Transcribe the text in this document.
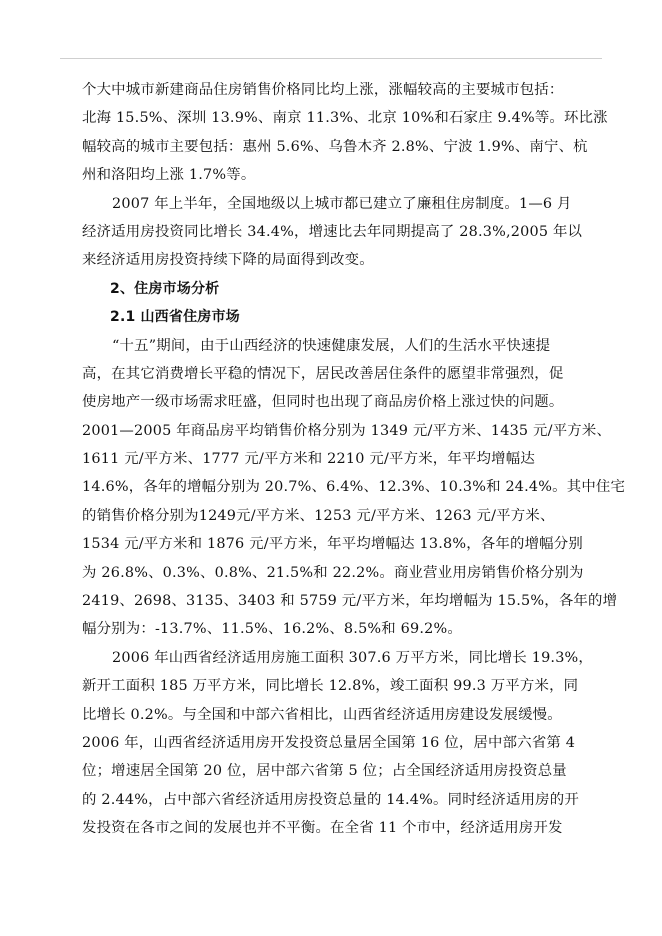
个大中城市新建商品住房销售价格同比均上涨，涨幅较高的主要城市包括：
北海 15.5%、深圳 13.9%、南京 11.3%、北京 10%和石家庄 9.4%等。环比涨
幅较高的城市主要包括：惠州 5.6%、乌鲁木齐 2.8%、宁波 1.9%、南宁、杭
州和洛阳均上涨 1.7%等。
2007 年上半年，全国地级以上城市都已建立了廉租住房制度。1—6 月
经济适用房投资同比增长 34.4%，增速比去年同期提高了 28.3%,2005 年以
来经济适用房投资持续下降的局面得到改变。
2、住房市场分析
2.1 山西省住房市场
“十五”期间，由于山西经济的快速健康发展，人们的生活水平快速提
高，在其它消费增长平稳的情况下，居民改善居住条件的愿望非常强烈，促
使房地产一级市场需求旺盛，但同时也出现了商品房价格上涨过快的问题。
2001—2005 年商品房平均销售价格分别为 1349 元/平方米、1435 元/平方米、
1611 元/平方米、1777 元/平方米和 2210 元/平方米，年平均增幅达
14.6%，各年的增幅分别为 20.7%、6.4%、12.3%、10.3%和 24.4%。其中住宅
的销售价格分别为1249元/平方米、1253 元/平方米、1263 元/平方米、
1534 元/平方米和 1876 元/平方米，年平均增幅达 13.8%，各年的增幅分别
为 26.8%、0.3%、0.8%、21.5%和 22.2%。商业营业用房销售价格分别为
2419、2698、3135、3403 和 5759 元/平方米，年均增幅为 15.5%，各年的增
幅分别为：-13.7%、11.5%、16.2%、8.5%和 69.2%。
2006 年山西省经济适用房施工面积 307.6 万平方米，同比增长 19.3%，
新开工面积 185 万平方米，同比增长 12.8%，竣工面积 99.3 万平方米，同
比增长 0.2%。与全国和中部六省相比，山西省经济适用房建设发展缓慢。
2006 年，山西省经济适用房开发投资总量居全国第 16 位，居中部六省第 4
位；增速居全国第 20 位，居中部六省第 5 位；占全国经济适用房投资总量
的 2.44%，占中部六省经济适用房投资总量的 14.4%。同时经济适用房的开
发投资在各市之间的发展也并不平衡。在全省 11 个市中，经济适用房开发
